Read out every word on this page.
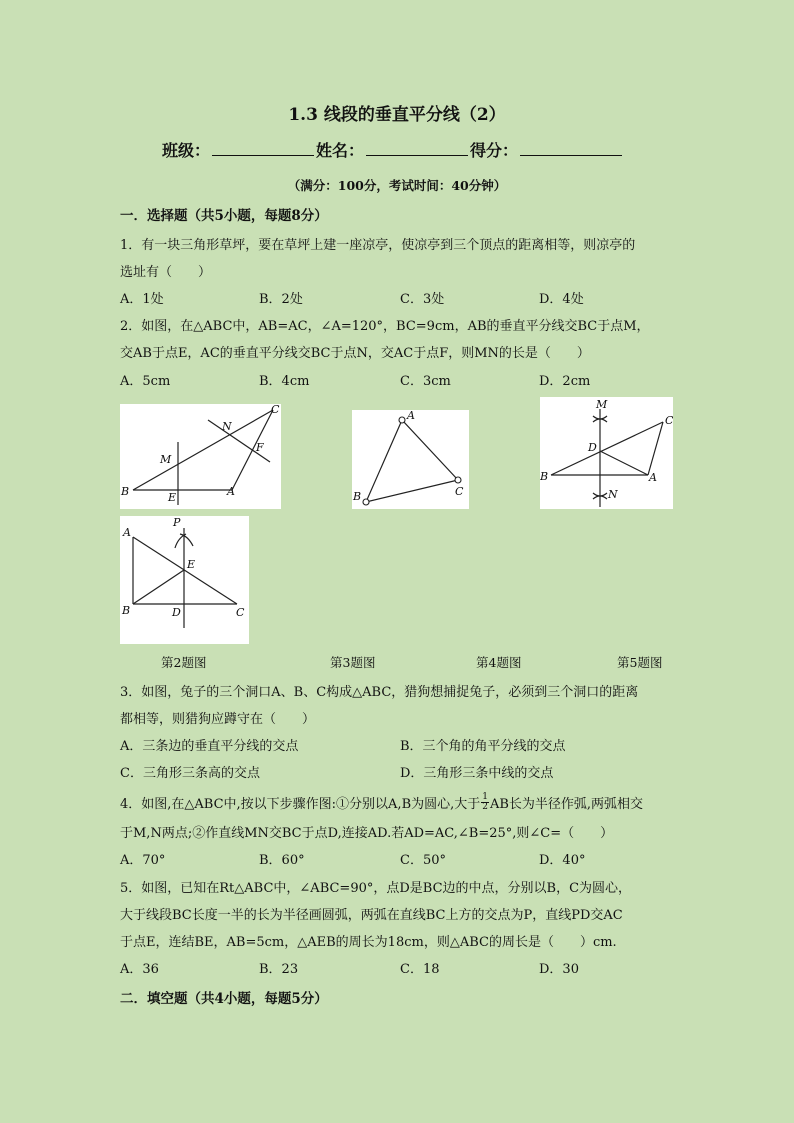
1.3 线段的垂直平分线（2）
班级：	姓名：	得分：
（满分：100分，考试时间：40分钟）
一．选择题（共5小题，每题8分）
1．有一块三角形草坪，要在草坪上建一座凉亭，使凉亭到三个顶点的距离相等，则凉亭的
选址有（　　）
A．1处	B．2处	C．3处	D．4处
2．如图，在△ABC中，AB=AC，∠A=120°，BC=9cm，AB的垂直平分线交BC于点M，
交AB于点E，AC的垂直平分线交BC于点N，交AC于点F，则MN的长是（　　）
A．5cm	B．4cm	C．3cm	D．2cm
C
N
F
M
B	E	A
A
B	C
M
C
D
B	A
N
P
A
E
B	D	C
第2题图	第3题图	第4题图	第5题图
3．如图，兔子的三个洞口A、B、C构成△ABC，猎狗想捕捉兔子，必须到三个洞口的距离
都相等，则猎狗应蹲守在（　　）
A．三条边的垂直平分线的交点	B．三个角的角平分线的交点
C．三角形三条高的交点	D．三角形三条中线的交点
4．如图,在△ABC中,按以下步骤作图:①分别以A,B为圆心,大于 $\frac{1}{2}$ AB长为半径作弧,两弧相交
于M,N两点;②作直线MN交BC于点D,连接AD.若AD=AC,∠B=25°,则∠C=（　　）
A．70°	B．60°	C．50°	D．40°
5．如图，已知在Rt△ABC中，∠ABC=90°，点D是BC边的中点，分别以B，C为圆心，
大于线段BC长度一半的长为半径画圆弧，两弧在直线BC上方的交点为P，直线PD交AC
于点E，连结BE，AB=5cm，△AEB的周长为18cm，则△ABC的周长是（　　）cm.
A．36	B．23	C．18	D．30
二．填空题（共4小题，每题5分）
